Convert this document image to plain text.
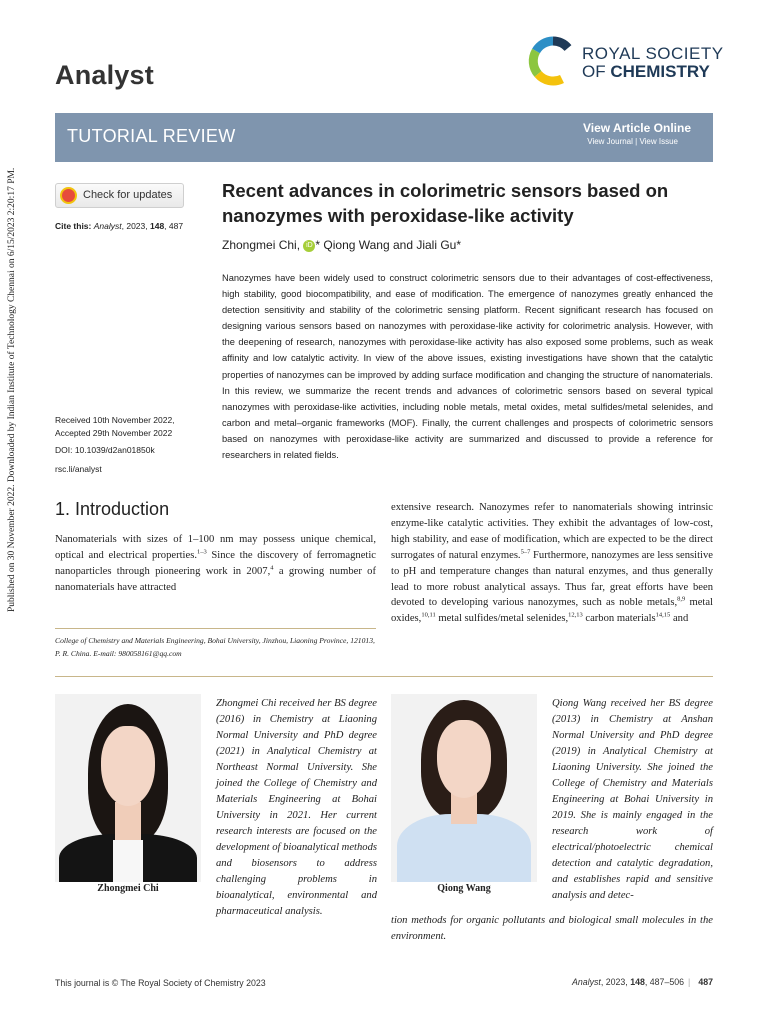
Published on 30 November 2022. Downloaded by Indian Institute of Technology Chennai on 6/15/2023 2:20:17 PM.
Analyst
ROYAL SOCIETY
OF CHEMISTRY
TUTORIAL REVIEW	View Article Online
View Journal | View Issue
Check for updates
Cite this: Analyst, 2023, 148, 487
Received 10th November 2022,
Accepted 29th November 2022
DOI: 10.1039/d2an01850k
rsc.li/analyst
Recent advances in colorimetric sensors based on nanozymes with peroxidase-like activity
Zhongmei Chi, iD * Qiong Wang and Jiali Gu*

Nanozymes have been widely used to construct colorimetric sensors due to their advantages of cost-effectiveness, high stability, good biocompatibility, and ease of modification. The emergence of nanozymes greatly enhanced the detection sensitivity and stability of the colorimetric sensing platform. Recent significant research has focused on designing various sensors based on nanozymes with peroxidase-like activity for colorimetric analysis. However, with the deepening of research, nanozymes with peroxidase-like activity has also exposed some problems, such as weak affinity and low catalytic activity. In view of the above issues, existing investigations have shown that the catalytic properties of nanozymes can be improved by adding surface modification and changing the structure of nanomaterials. In this review, we summarize the recent trends and advances of colorimetric sensors based on several typical nanozymes with peroxidase-like activities, including noble metals, metal oxides, metal sulfides/metal selenides, and carbon and metal–organic frameworks (MOF). Finally, the current challenges and prospects of colorimetric sensors based on nanozymes with peroxidase-like activity are summarized and discussed to provide a reference for researchers in related fields.

1. Introduction

Nanomaterials with sizes of 1–100 nm may possess unique chemical, optical and electrical properties.$^{1-3}$ Since the discovery of ferromagnetic nanoparticles through pioneering work in 2007,$^4$ a growing number of nanomaterials have attracted

extensive research. Nanozymes refer to nanomaterials showing intrinsic enzyme-like catalytic activities. They exhibit the advantages of low-cost, high stability, and ease of modification, which are expected to be the direct surrogates of natural enzymes.$^{5-7}$ Furthermore, nanozymes are less sensitive to pH and temperature changes than natural enzymes, and thus generally lead to more robust analytical assays. Thus far, great efforts have been devoted to developing various nanozymes, such as noble metals,$^{8,9}$ metal oxides,$^{10,11}$ metal sulfides/metal selenides,$^{12,13}$ carbon materials$^{14,15}$ and

College of Chemistry and Materials Engineering, Bohai University, Jinzhou, Liaoning Province, 121013, P. R. China. E-mail: 980058161@qq.com
Zhongmei Chi
Zhongmei Chi received her BS degree (2016) in Chemistry at Liaoning Normal University and PhD degree (2021) in Analytical Chemistry at Northeast Normal University. She joined the College of Chemistry and Materials Engineering at Bohai University in 2021. Her current research interests are focused on the development of bioanalytical methods and biosensors to address challenging problems in bioanalytical, environmental and pharmaceutical analysis.
Qiong Wang
Qiong Wang received her BS degree (2013) in Chemistry at Anshan Normal University and PhD degree (2019) in Analytical Chemistry at Liaoning University. She joined the College of Chemistry and Materials Engineering at Bohai University in 2019. She is mainly engaged in the research work of electrical/photoelectric chemical detection and catalytic degradation, and establishes rapid and sensitive analysis and detec-
tion methods for organic pollutants and biological small molecules in the environment.
This journal is © The Royal Society of Chemistry 2023	Analyst, 2023, 148, 487–506 | 487
